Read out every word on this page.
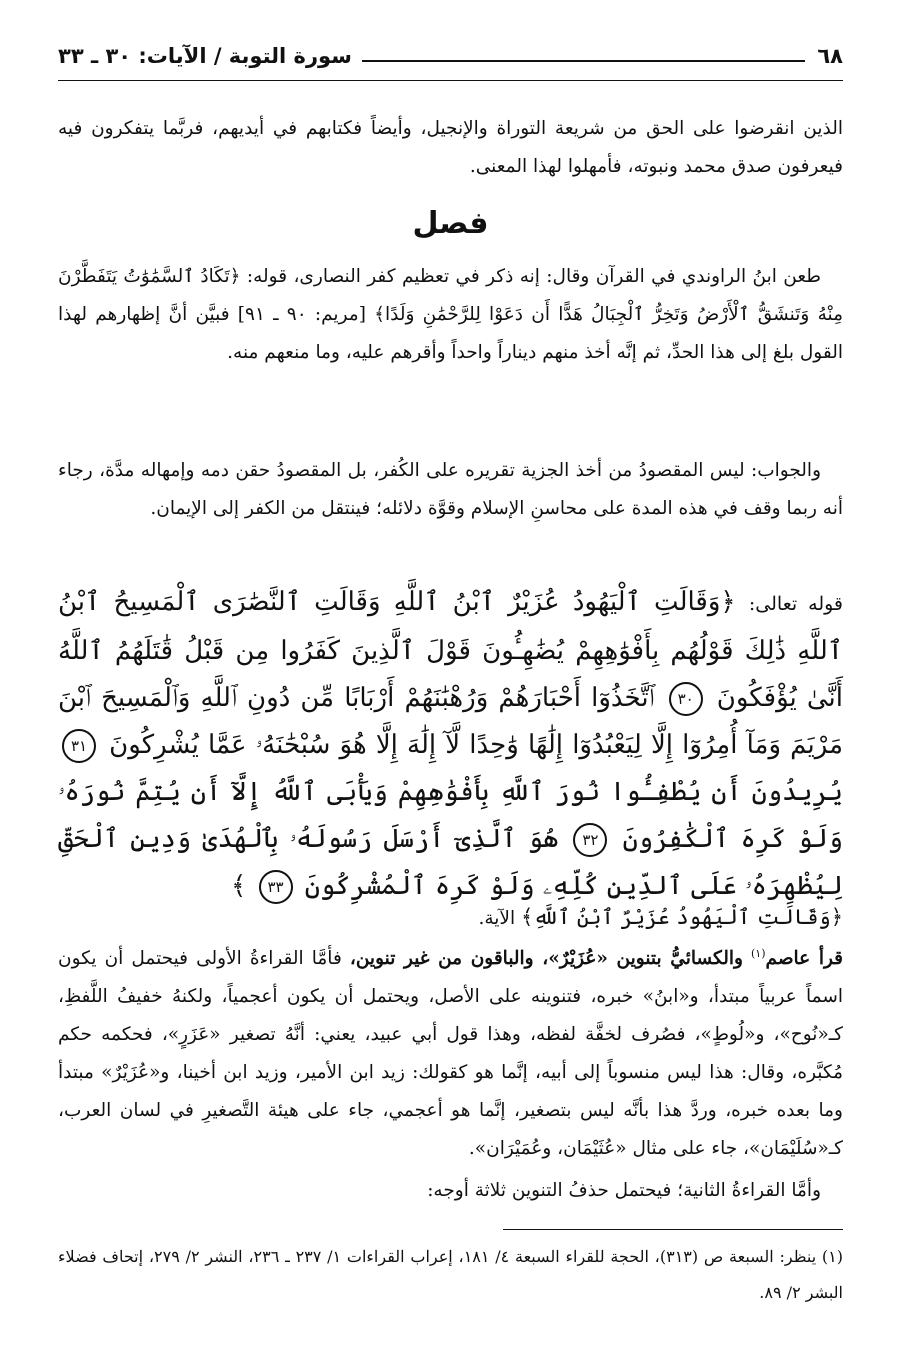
٦٨
سورة التوبة / الآيات: ٣٠ ـ ٣٣
الذين انقرضوا على الحق من شريعة التوراة والإنجيل، وأيضاً فكتابهم في أيديهم، فربَّما يتفكرون فيه فيعرفون صدق محمد ونبوته، فأمهلوا لهذا المعنى.
فصل
طعن ابنُ الراوندي في القرآن وقال: إنه ذكر في تعظيم كفر النصارى، قوله: ﴿تَكَادُ ٱلسَّمَٰوَٰتُ يَتَفَطَّرْنَ مِنْهُ وَتَنشَقُّ ٱلْأَرْضُ وَتَخِرُّ ٱلْجِبَالُ هَدًّا أَن دَعَوْا لِلرَّحْمَٰنِ وَلَدًا﴾ [مريم: ٩٠ ـ ٩١] فبيَّن أنَّ إظهارهم لهذا القول بلغ إلى هذا الحدِّ، ثم إنَّه أخذ منهم ديناراً واحداً وأقرهم عليه، وما منعهم منه.
والجواب: ليس المقصودُ من أخذ الجزية تقريره على الكُفر، بل المقصودُ حقن دمه وإمهاله مدَّة، رجاء أنه ربما وقف في هذه المدة على محاسنِ الإسلام وقوَّة دلائله؛ فينتقل من الكفر إلى الإيمان.
قوله تعالى: ﴿وَقَالَتِ ٱلْيَهُودُ عُزَيْرٌ ٱبْنُ ٱللَّهِ وَقَالَتِ ٱلنَّصَٰرَى ٱلْمَسِيحُ ٱبْنُ ٱللَّهِ ذَٰلِكَ قَوْلُهُم بِأَفْوَٰهِهِمْ يُضَٰهِـُٔونَ قَوْلَ ٱلَّذِينَ كَفَرُوا مِن قَبْلُ قَٰتَلَهُمُ ٱللَّهُ أَنَّىٰ يُؤْفَكُونَ ٣٠ ٱتَّخَذُوٓا أَحْبَارَهُمْ وَرُهْبَٰنَهُمْ أَرْبَابًا مِّن دُونِ ٱللَّهِ وَٱلْمَسِيحَ ٱبْنَ مَرْيَمَ وَمَآ أُمِرُوٓا إِلَّا لِيَعْبُدُوٓا إِلَٰهًا وَٰحِدًا لَّآ إِلَٰهَ إِلَّا هُوَ سُبْحَٰنَهُۥ عَمَّا يُشْرِكُونَ ٣١ يُرِيدُونَ أَن يُطْفِـُٔوا نُورَ ٱللَّهِ بِأَفْوَٰهِهِمْ وَيَأْبَى ٱللَّهُ إِلَّآ أَن يُتِمَّ نُورَهُۥ وَلَوْ كَرِهَ ٱلْكَٰفِرُونَ ٣٢ هُوَ ٱلَّذِىٓ أَرْسَلَ رَسُولَهُۥ بِٱلْهُدَىٰ وَدِينِ ٱلْحَقِّ لِيُظْهِرَهُۥ عَلَى ٱلدِّينِ كُلِّهِۦ وَلَوْ كَرِهَ ٱلْمُشْرِكُونَ ٣٣ ﴾
﴿وَقَالَتِ ٱلْيَهُودُ عُزَيْرٌ ٱبْنُ ٱللَّهِ﴾ الآية.
قرأ عاصم$^{(١)}$ والكسائيُّ بتنوين «عُزَيْرٌ»، والباقون من غير تنوين، فأمَّا القراءةُ الأولى فيحتمل أن يكون اسماً عربياً مبتدأ، و«ابنُ» خبره، فتنوينه على الأصل، ويحتمل أن يكون أعجمياً، ولكنهُ خفيفُ اللَّفظِ، كـ«نُوح»، و«لُوطٍ»، فصُرف لخفَّة لفظه، وهذا قول أبي عبيد، يعني: أنَّهُ تصغير «عَزَرٍ»، فحكمه حكم مُكبَّره، وقال: هذا ليس منسوباً إلى أبيه، إنَّما هو كقولك: زيد ابن الأمير، وزيد ابن أخينا، و«عُزَيْرٌ» مبتدأ وما بعده خبره، وردَّ هذا بأنَّه ليس بتصغير، إنَّما هو أعجمي، جاء على هيئة التَّصغيرِ في لسان العرب، كـ«سُلَيْمَان»، جاء على مثال «عُثَيْمَان، وعُمَيْرَان».
وأمَّا القراءةُ الثانية؛ فيحتمل حذفُ التنوين ثلاثة أوجه:
(١) ينظر: السبعة ص (٣١٣)، الحجة للقراء السبعة ٤/ ١٨١، إعراب القراءات ١/ ٢٣٧ ـ ٢٣٦، النشر ٢/ ٢٧٩، إتحاف فضلاء البشر ٢/ ٨٩.
